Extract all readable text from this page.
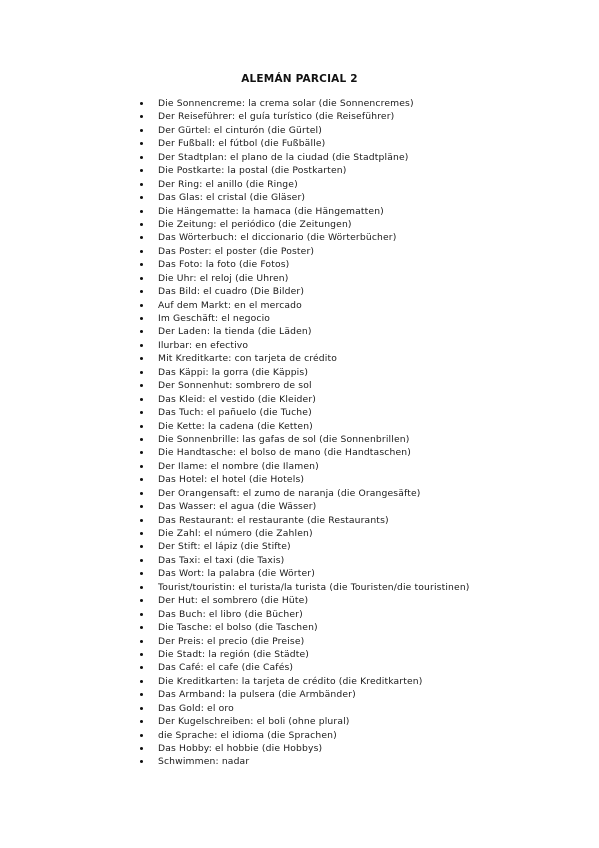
ALEMÁN PARCIAL 2
Die Sonnencreme: la crema solar (die Sonnencremes)
Der Reiseführer: el guía turístico (die Reiseführer)
Der Gürtel: el cinturón (die Gürtel)
Der Fußball: el fútbol (die Fußbälle)
Der Stadtplan: el plano de la ciudad (die Stadtpläne)
Die Postkarte: la postal (die Postkarten)
Der Ring: el anillo (die Ringe)
Das Glas: el cristal (die Gläser)
Die Hängematte: la hamaca (die Hängematten)
Die Zeitung: el periódico (die Zeitungen)
Das Wörterbuch: el diccionario (die Wörterbücher)
Das Poster: el poster (die Poster)
Das Foto: la foto (die Fotos)
Die Uhr: el reloj (die Uhren)
Das Bild: el cuadro (Die Bilder)
Auf dem Markt: en el mercado
Im Geschäft: el negocio
Der Laden: la tienda (die Läden)
Ilurbar: en efectivo
Mit Kreditkarte: con tarjeta de crédito
Das Käppi: la gorra (die Käppis)
Der Sonnenhut: sombrero de sol
Das Kleid: el vestido (die Kleider)
Das Tuch: el pañuelo (die Tuche)
Die Kette: la cadena (die Ketten)
Die Sonnenbrille: las gafas de sol (die Sonnenbrillen)
Die Handtasche: el bolso de mano (die Handtaschen)
Der Ilame: el nombre (die Ilamen)
Das Hotel: el hotel (die Hotels)
Der Orangensaft: el zumo de naranja (die Orangesäfte)
Das Wasser: el agua (die Wässer)
Das Restaurant: el restaurante (die Restaurants)
Die Zahl: el número (die Zahlen)
Der Stift: el lápiz (die Stifte)
Das Taxi: el taxi (die Taxis)
Das Wort: la palabra (die Wörter)
Tourist/touristin: el turista/la turista (die Touristen/die touristinen)
Der Hut: el sombrero (die Hüte)
Das Buch: el libro (die Bücher)
Die Tasche: el bolso (die Taschen)
Der Preis: el precio (die Preise)
Die Stadt: la región (die Städte)
Das Café: el cafe (die Cafés)
Die Kreditkarten: la tarjeta de crédito (die Kreditkarten)
Das Armband: la pulsera (die Armbänder)
Das Gold: el oro
Der Kugelschreiben: el boli (ohne plural)
die Sprache: el idioma (die Sprachen)
Das Hobby: el hobbie (die Hobbys)
Schwimmen: nadar
